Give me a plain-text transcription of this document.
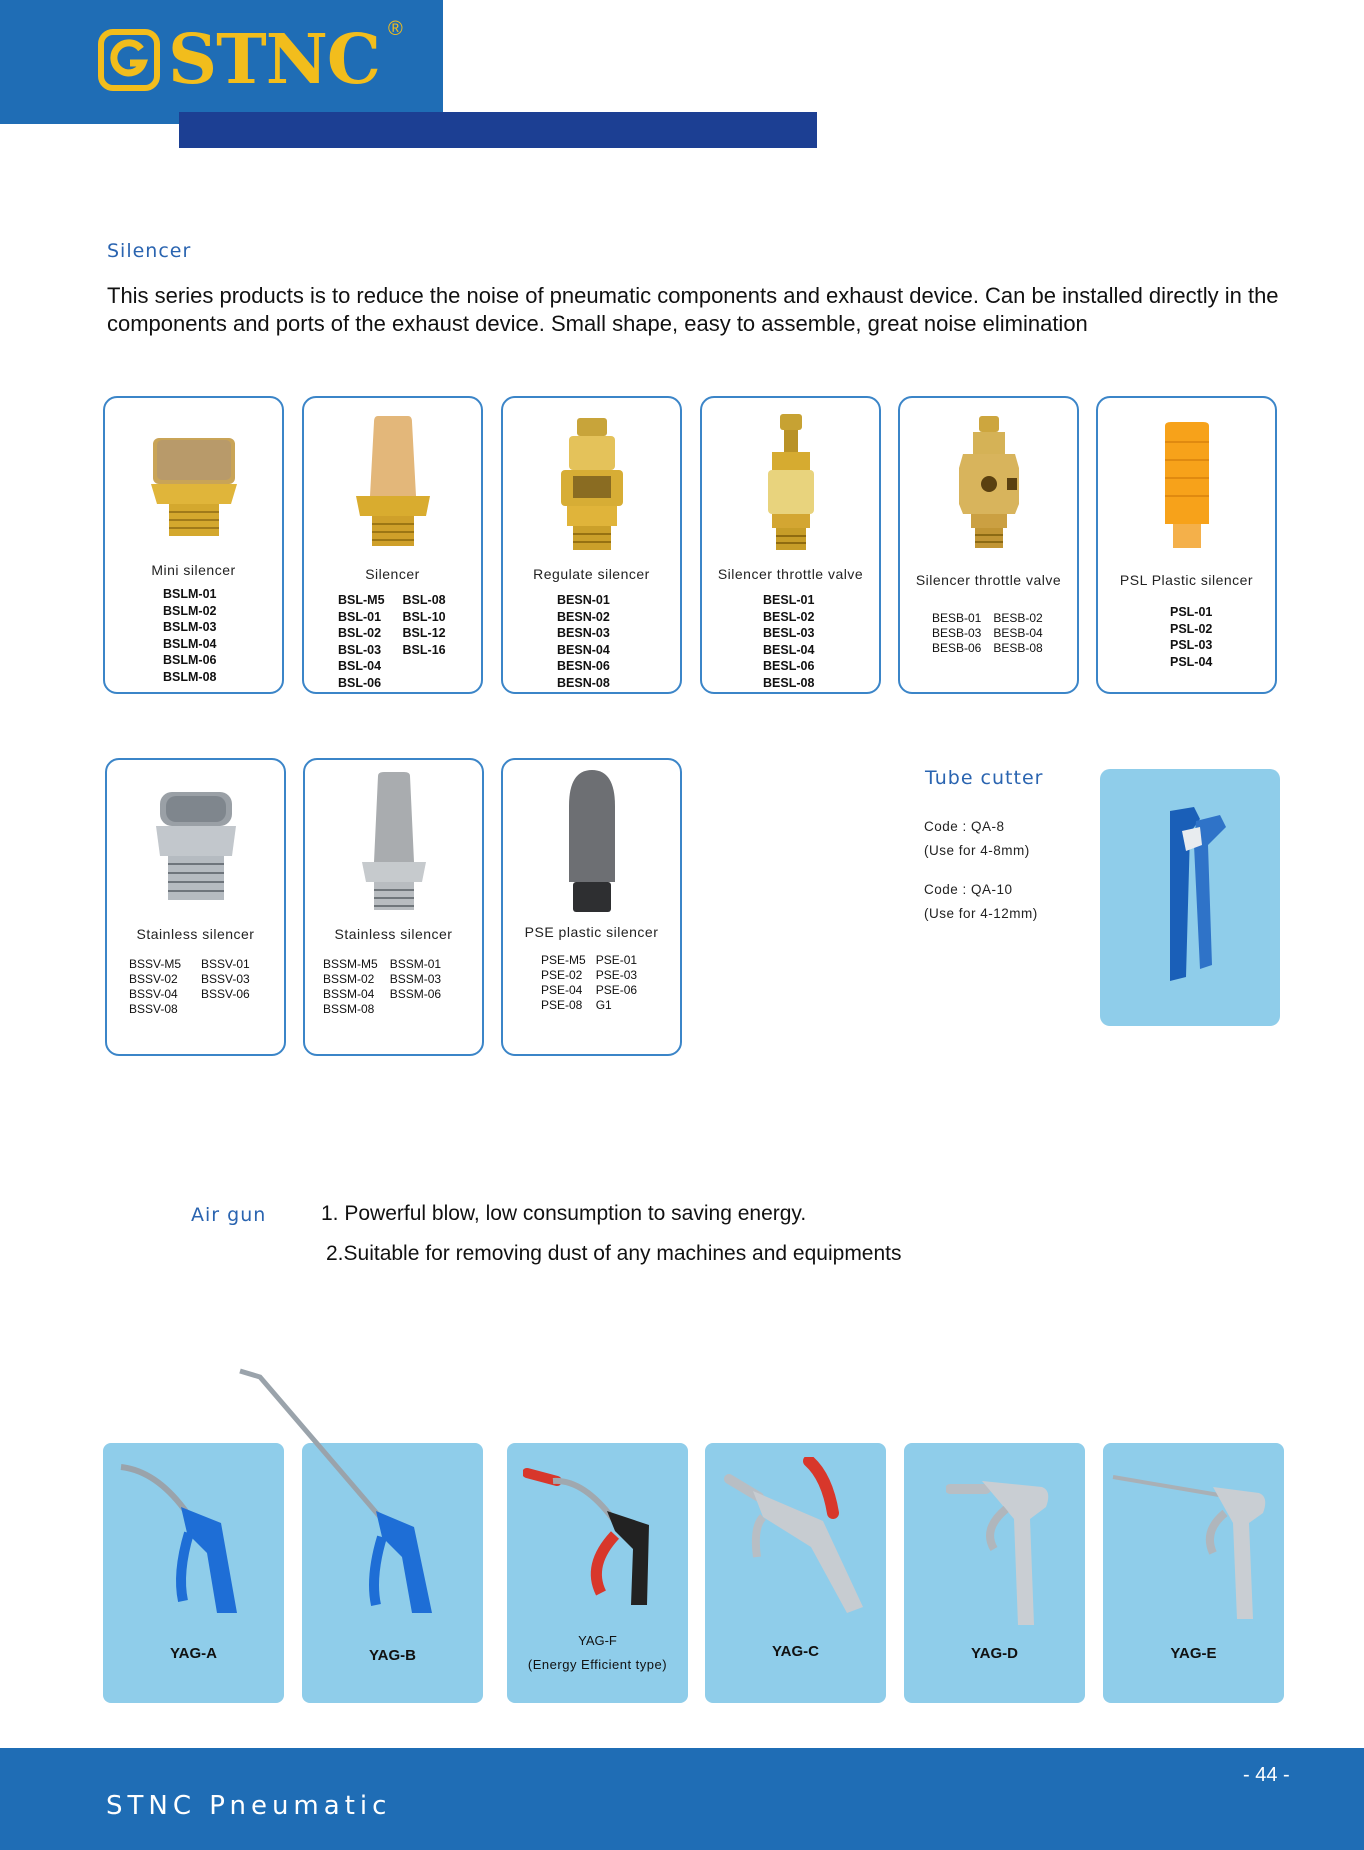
STNC ®
Silencer

This series products is to reduce the noise of pneumatic components and exhaust device. Can be installed directly in the components and ports of the exhaust device. Small shape, easy to assemble, great noise elimination

Mini silencer
BSLM-01
BSLM-02
BSLM-03
BSLM-04
BSLM-06
BSLM-08
Silencer
BSL-M5 BSL-08
BSL-01 BSL-10
BSL-02 BSL-12
BSL-03 BSL-16
BSL-04
BSL-06
Regulate silencer
BESN-01
BESN-02
BESN-03
BESN-04
BESN-06
BESN-08
Silencer throttle valve
BESL-01
BESL-02
BESL-03
BESL-04
BESL-06
BESL-08
Silencer throttle valve
BESB-01 BESB-02
BESB-03 BESB-04
BESB-06 BESB-08
PSL Plastic silencer
PSL-01
PSL-02
PSL-03
PSL-04
Stainless silencer
BSSV-M5 BSSV-01
BSSV-02 BSSV-03
BSSV-04 BSSV-06
BSSV-08
Stainless silencer
BSSM-M5 BSSM-01
BSSM-02 BSSM-03
BSSM-04 BSSM-06
BSSM-08
PSE plastic silencer
PSE-M5 PSE-01
PSE-02 PSE-03
PSE-04 PSE-06
PSE-08 G1
Tube cutter
Code : QA-8
(Use for 4-8mm)
Code : QA-10
(Use for 4-12mm)
Air gun	1. Powerful blow, low consumption to saving energy.
2.Suitable for removing dust of any machines and equipments
YAG-A	YAG-B
YAG-F
(Energy Efficient type)
YAG-C	YAG-D	YAG-E
STNC Pneumatic
- 44 -
